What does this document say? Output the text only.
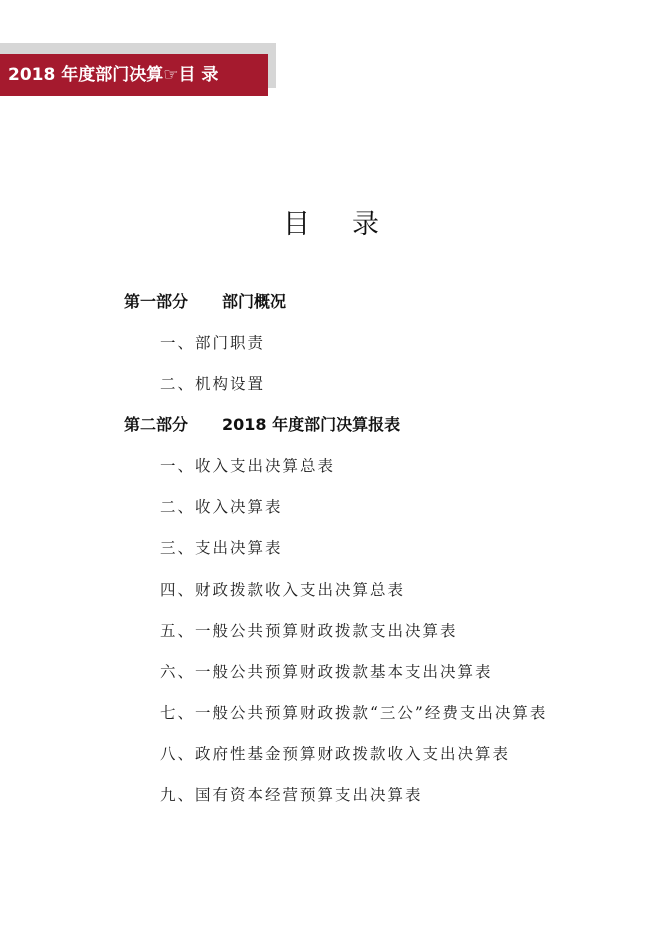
2018 年度部门决算☞目 录
目录
第一部分 部门概况
一、部门职责
二、机构设置
第二部分 2018 年度部门决算报表
一、收入支出决算总表
二、收入决算表
三、支出决算表
四、财政拨款收入支出决算总表
五、一般公共预算财政拨款支出决算表
六、一般公共预算财政拨款基本支出决算表
七、一般公共预算财政拨款“三公”经费支出决算表
八、政府性基金预算财政拨款收入支出决算表
九、国有资本经营预算支出决算表
